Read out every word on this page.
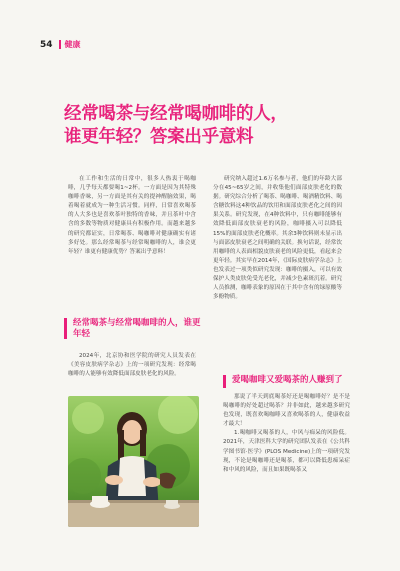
54 健康
经常喝茶与经常喝咖啡的人，
谁更年轻？答案出乎意料

在工作和生活的日常中，很多人热衷于喝咖啡，几乎每天都要喝1~2杯。一方面是因为其特殊咖啡香味，另一方面是其有关的提神醒脑效果，喝着喝着就成为一种生活习惯。同样，日常喜欢喝茶的人大多也是喜欢茶叶独特的香味，并且茶叶中含含的多数等物质对健康具有积极作用。而越来越多的研究都证实，日常喝茶、喝咖啡对健康确实有诸多好处。那么经常喝茶与经常喝咖啡的人，谁会更年轻？谁更有健康优势？答案出乎意料！

经常喝茶与经常喝咖啡的人，谁更年轻

2024年，北京协和医学院的研究人员发表在《美容皮肤病学杂志》上的一项研究发现：经常喝咖啡的人能够有效降低面部皮肤老化的风险。

研究纳入超过1.6万名参与者，他们的年龄大部分在45~65岁之间，并收集他们面部皮肤老化的数据。研究综合分析了喝茶、喝咖啡、喝酒精饮料、喝含糖饮料这4种饮品的饮用和面部皮肤老化之间的因果关系。研究发现，在4种饮料中，只有咖啡能够有效降低面部皮肤衰老的风险，咖啡摄入可以降低15%的面部皮肤老化概率。其余3种饮料则未显示出与面部皮肤衰老之间明确的关联。换句话说，经常饮用咖啡的人表面相貌皮肤衰老的风险更低，看起来会更年轻。其实早在2014年，《国际皮肤病学杂志》上也发表过一项类似研究发现：咖啡的摄入，可以有效保护人类皮肤免受光老化，并减少色素斑沉着。研究人员推测，咖啡表象的原因在于其中含有的绿原酸等多酚物质。

爱喝咖啡又爱喝茶的人赚到了

那说了半天到底喝茶好还是喝咖啡好？是不是喝咖啡的好处超过喝茶？并非如此，越来越多研究也发现，既喜欢喝咖啡又喜欢喝茶的人，健康收益才最大！

1.喝咖啡又喝茶的人，中风与痴呆的风险低。2021年，天津医科大学的研究团队发表在《公共科学图书馆·医学》(PLOS Medicine)上的一项研究发现，不论是喝咖啡还是喝茶，都可以降低患痴呆症和中风的风险，而且如果既喝茶又
